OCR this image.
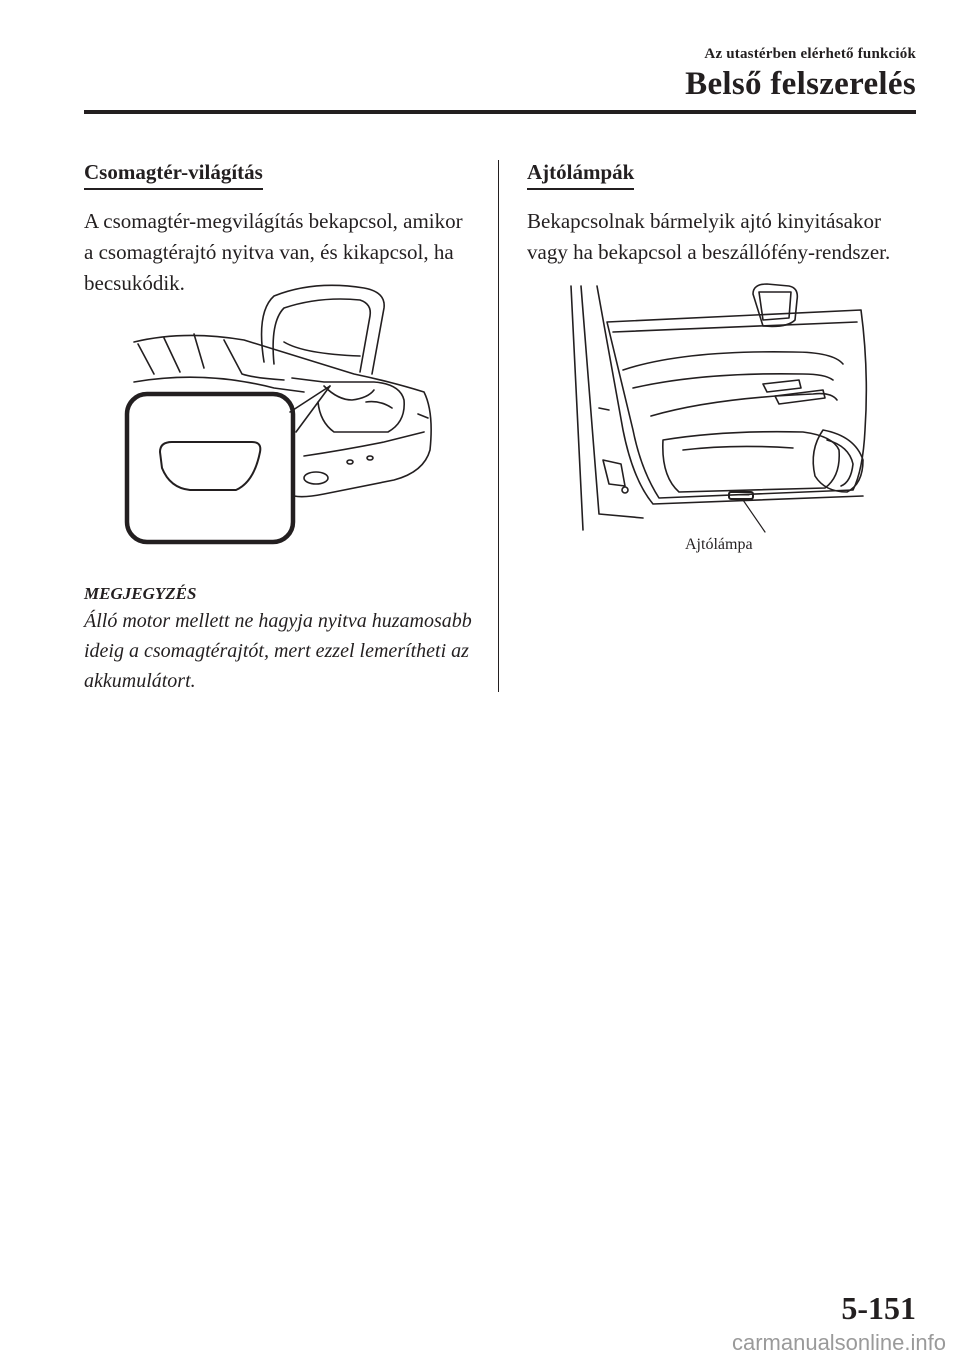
Az utastérben elérhető funkciók
Belső felszerelés
Csomagtér-világítás

A csomagtér-megvilágítás bekapcsol, amikor a csomagtérajtó nyitva van, és kikapcsol, ha becsukódik.

MEGJEGYZÉS

Álló motor mellett ne hagyja nyitva huzamosabb ideig a csomagtérajtót, mert ezzel lemerítheti az akkumulátort.

Ajtólámpák

Bekapcsolnak bármelyik ajtó kinyitásakor vagy ha bekapcsol a beszállófény-rendszer.

Ajtólámpa
5-151
carmanualsonline.info
